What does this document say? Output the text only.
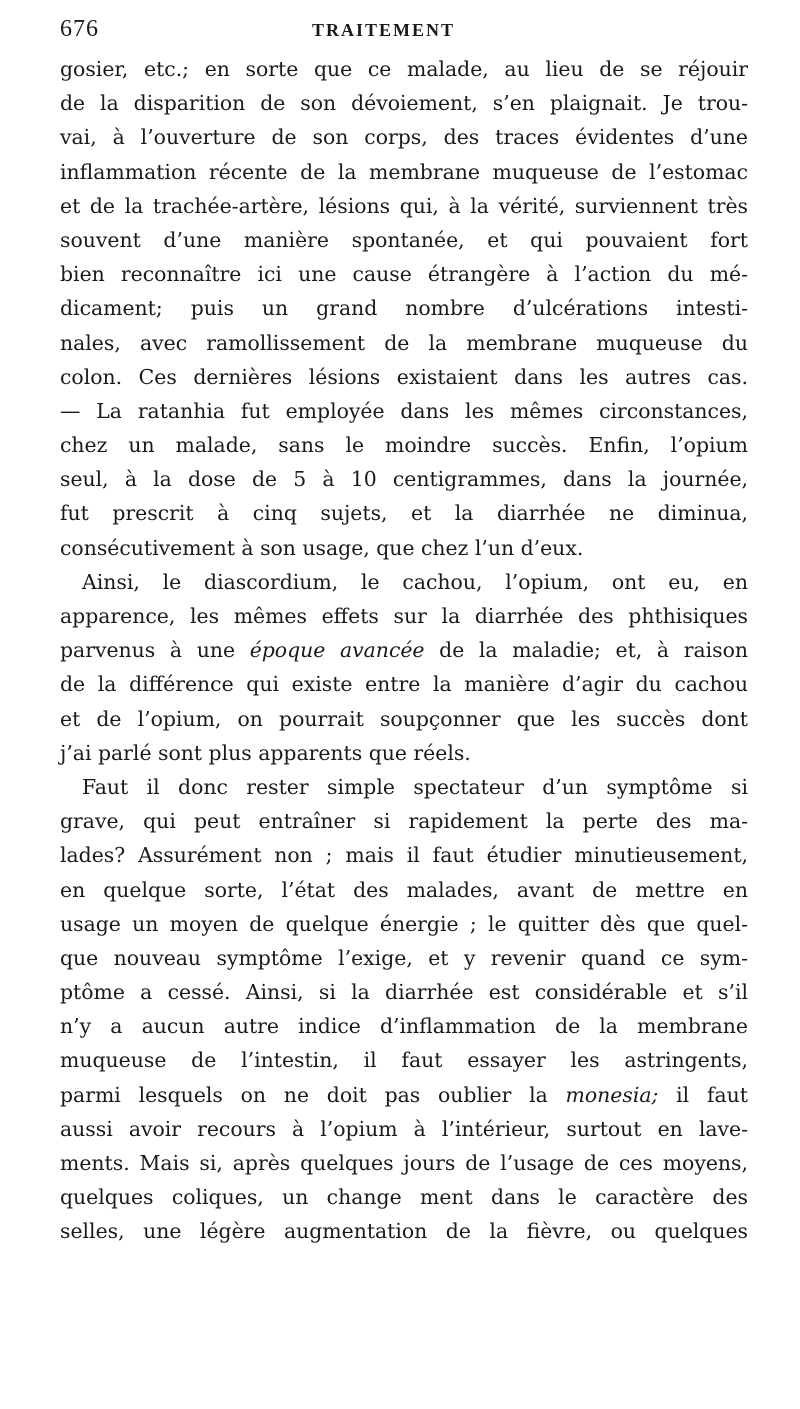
676	TRAITEMENT
gosier, etc.; en sorte que ce malade, au lieu de se réjouir
de la disparition de son dévoiement, s’en plaignait. Je trou-
vai, à l’ouverture de son corps, des traces évidentes d’une
inflammation récente de la membrane muqueuse de l’estomac
et de la trachée-artère, lésions qui, à la vérité, surviennent très
souvent d’une manière spontanée, et qui pouvaient fort
bien reconnaître ici une cause étrangère à l’action du mé-
dicament; puis un grand nombre d’ulcérations intesti-
nales, avec ramollissement de la membrane muqueuse du
colon. Ces dernières lésions existaient dans les autres cas.
— La ratanhia fut employée dans les mêmes circonstances,
chez un malade, sans le moindre succès. Enfin, l’opium
seul, à la dose de 5 à 10 centigrammes, dans la journée,
fut prescrit à cinq sujets, et la diarrhée ne diminua,
consécutivement à son usage, que chez l’un d’eux.
Ainsi, le diascordium, le cachou, l’opium, ont eu, en
apparence, les mêmes effets sur la diarrhée des phthisiques
parvenus à une époque avancée de la maladie; et, à raison
de la différence qui existe entre la manière d’agir du cachou
et de l’opium, on pourrait soupçonner que les succès dont
j’ai parlé sont plus apparents que réels.
Faut il donc rester simple spectateur d’un symptôme si
grave, qui peut entraîner si rapidement la perte des ma-
lades? Assurément non ; mais il faut étudier minutieusement,
en quelque sorte, l’état des malades, avant de mettre en
usage un moyen de quelque énergie ; le quitter dès que quel-
que nouveau symptôme l’exige, et y revenir quand ce sym-
ptôme a cessé. Ainsi, si la diarrhée est considérable et s’il
n’y a aucun autre indice d’inflammation de la membrane
muqueuse de l’intestin, il faut essayer les astringents,
parmi lesquels on ne doit pas oublier la monesia; il faut
aussi avoir recours à l’opium à l’intérieur, surtout en lave-
ments. Mais si, après quelques jours de l’usage de ces moyens,
quelques coliques, un change ment dans le caractère des
selles, une légère augmentation de la fièvre, ou quelques
